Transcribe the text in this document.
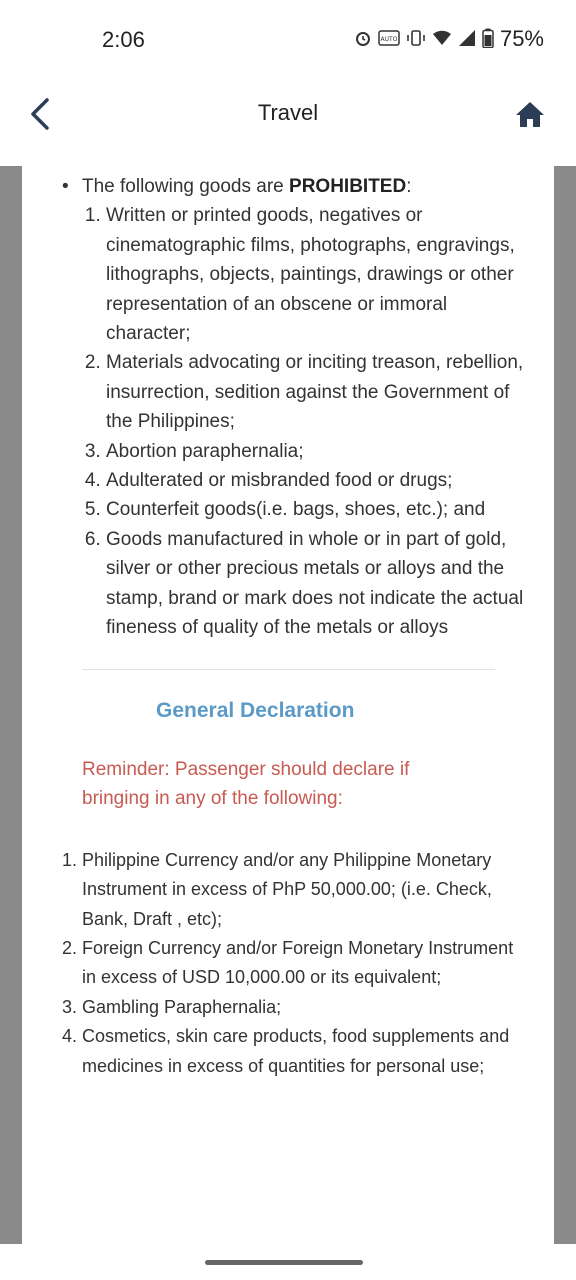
2:06	AUTO	75%
Travel
• The following goods are PROHIBITED:
1. Written or printed goods, negatives or cinematographic films, photographs, engravings, lithographs, objects, paintings, drawings or other representation of an obscene or immoral character;
2. Materials advocating or inciting treason, rebellion, insurrection, sedition against the Government of the Philippines;
3. Abortion paraphernalia;
4. Adulterated or misbranded food or drugs;
5. Counterfeit goods(i.e. bags, shoes, etc.); and
6. Goods manufactured in whole or in part of gold, silver or other precious metals or alloys and the stamp, brand or mark does not indicate the actual fineness of quality of the metals or alloys
General Declaration
Reminder: Passenger should declare if bringing in any of the following:
1. Philippine Currency and/or any Philippine Monetary Instrument in excess of PhP 50,000.00; (i.e. Check, Bank, Draft , etc);
2. Foreign Currency and/or Foreign Monetary Instrument in excess of USD 10,000.00 or its equivalent;
3. Gambling Paraphernalia;
4. Cosmetics, skin care products, food supplements and medicines in excess of quantities for personal use;
